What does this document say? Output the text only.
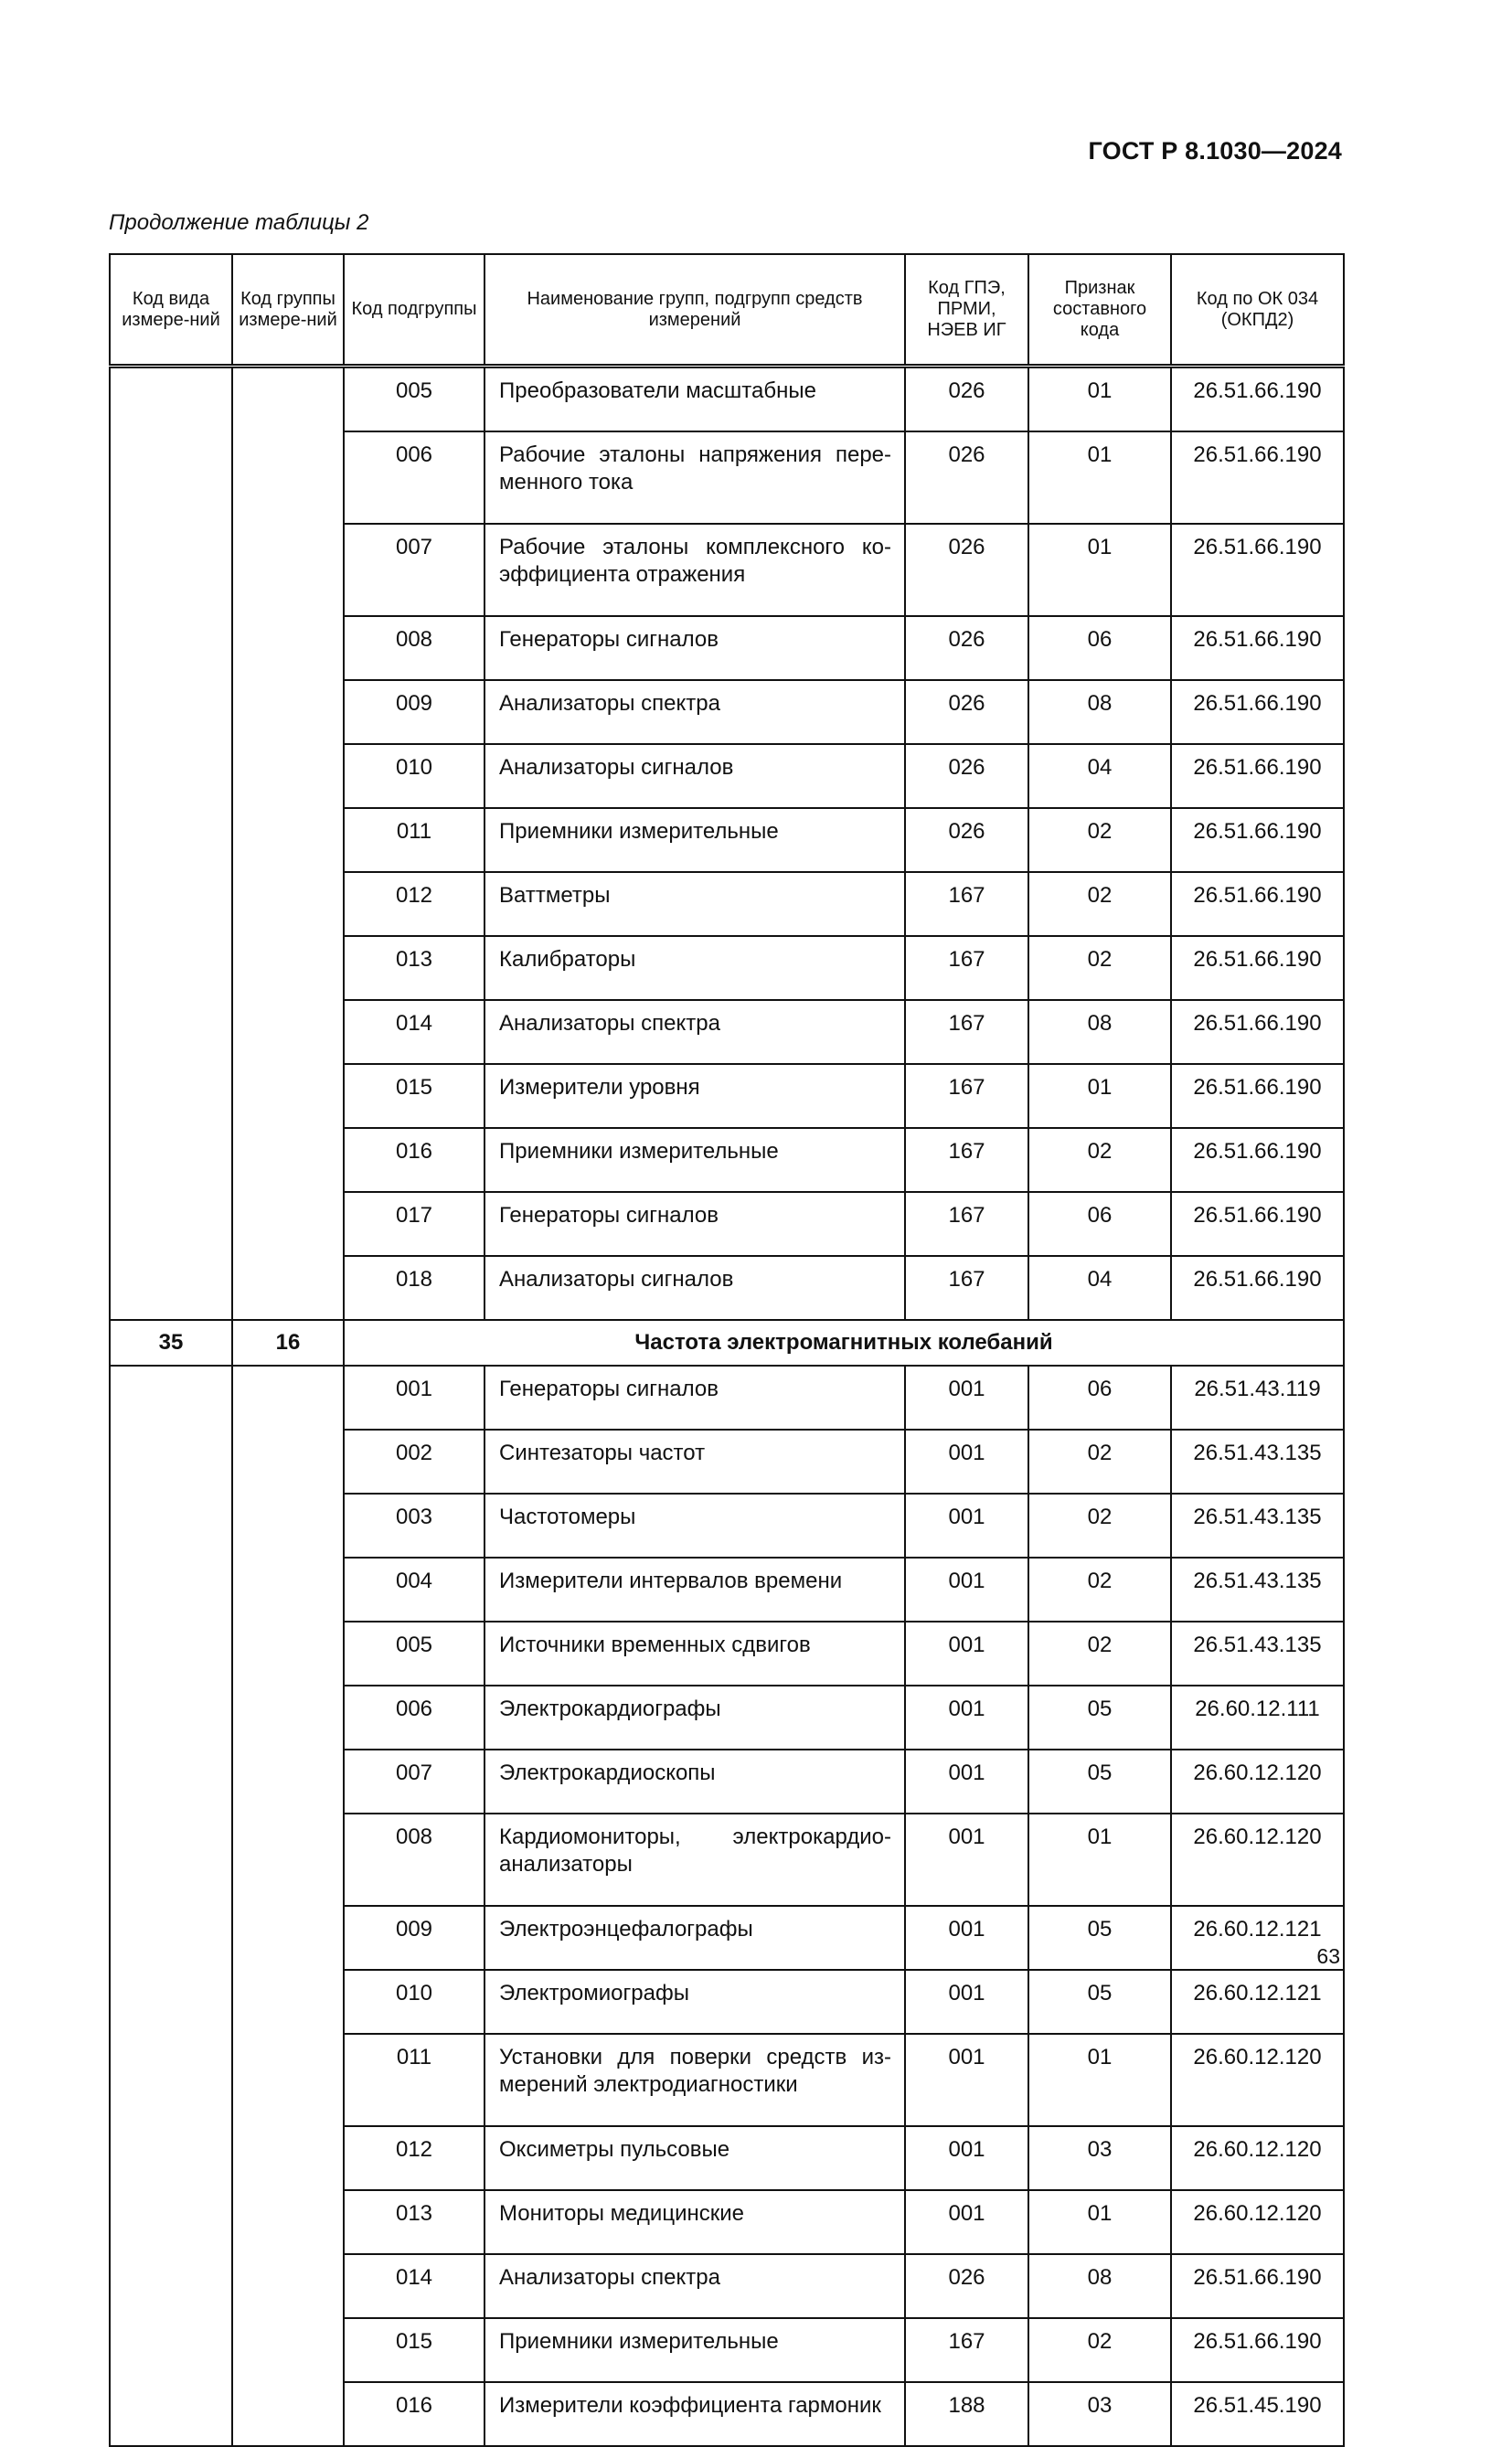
ГОСТ Р 8.1030—2024
Продолжение таблицы 2
Код вида измере-ний	Код группы измере-ний	Код подгруппы	Наименование групп, подгрупп средств измерений	Код ГПЭ, ПРМИ, НЭЕВ ИГ	Признак составного кода	Код по ОК 034 (ОКПД2)
		005	Преобразователи масштабные	026	01	26.51.66.190
		006	Рабочие эталоны напряжения пере-менного тока	026	01	26.51.66.190
		007	Рабочие эталоны комплексного ко-эффициента отражения	026	01	26.51.66.190
		008	Генераторы сигналов	026	06	26.51.66.190
		009	Анализаторы спектра	026	08	26.51.66.190
		010	Анализаторы сигналов	026	04	26.51.66.190
		011	Приемники измерительные	026	02	26.51.66.190
		012	Ваттметры	167	02	26.51.66.190
		013	Калибраторы	167	02	26.51.66.190
		014	Анализаторы спектра	167	08	26.51.66.190
		015	Измерители уровня	167	01	26.51.66.190
		016	Приемники измерительные	167	02	26.51.66.190
		017	Генераторы сигналов	167	06	26.51.66.190
		018	Анализаторы сигналов	167	04	26.51.66.190
35	16	Частота электромагнитных колебаний				
		001	Генераторы сигналов	001	06	26.51.43.119
		002	Синтезаторы частот	001	02	26.51.43.135
		003	Частотомеры	001	02	26.51.43.135
		004	Измерители интервалов времени	001	02	26.51.43.135
		005	Источники временных сдвигов	001	02	26.51.43.135
		006	Электрокардиографы	001	05	26.60.12.111
		007	Электрокардиоскопы	001	05	26.60.12.120
		008	Кардиомониторы, электрокардио-анализаторы	001	01	26.60.12.120
		009	Электроэнцефалографы	001	05	26.60.12.121
		010	Электромиографы	001	05	26.60.12.121
		011	Установки для поверки средств из-мерений электродиагностики	001	01	26.60.12.120
		012	Оксиметры пульсовые	001	03	26.60.12.120
		013	Мониторы медицинские	001	01	26.60.12.120
		014	Анализаторы спектра	026	08	26.51.66.190
		015	Приемники измерительные	167	02	26.51.66.190
		016	Измерители коэффициента гармоник	188	03	26.51.45.190
63
